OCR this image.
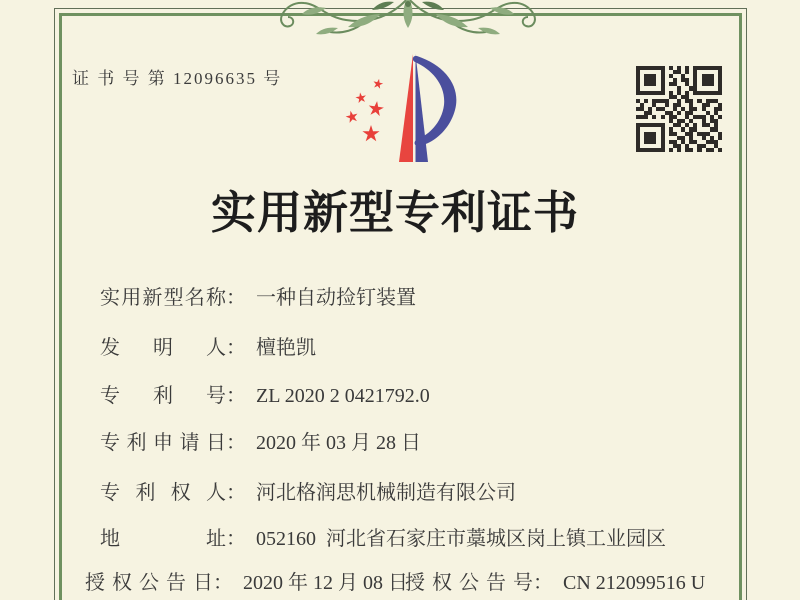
证 书 号 第 12096635 号
实用新型专利证书
实用新型名称： 一种自动捡钉装置
发明人： 檀艳凯
专利号： ZL 2020 2 0421792.0
专利申请日： 2020 年 03 月 28 日
专利权人： 河北格润思机械制造有限公司
地址： 052160  河北省石家庄市藁城区岗上镇工业园区
授权公告日： 2020 年 12 月 08 日
授权公告号： CN 212099516 U
